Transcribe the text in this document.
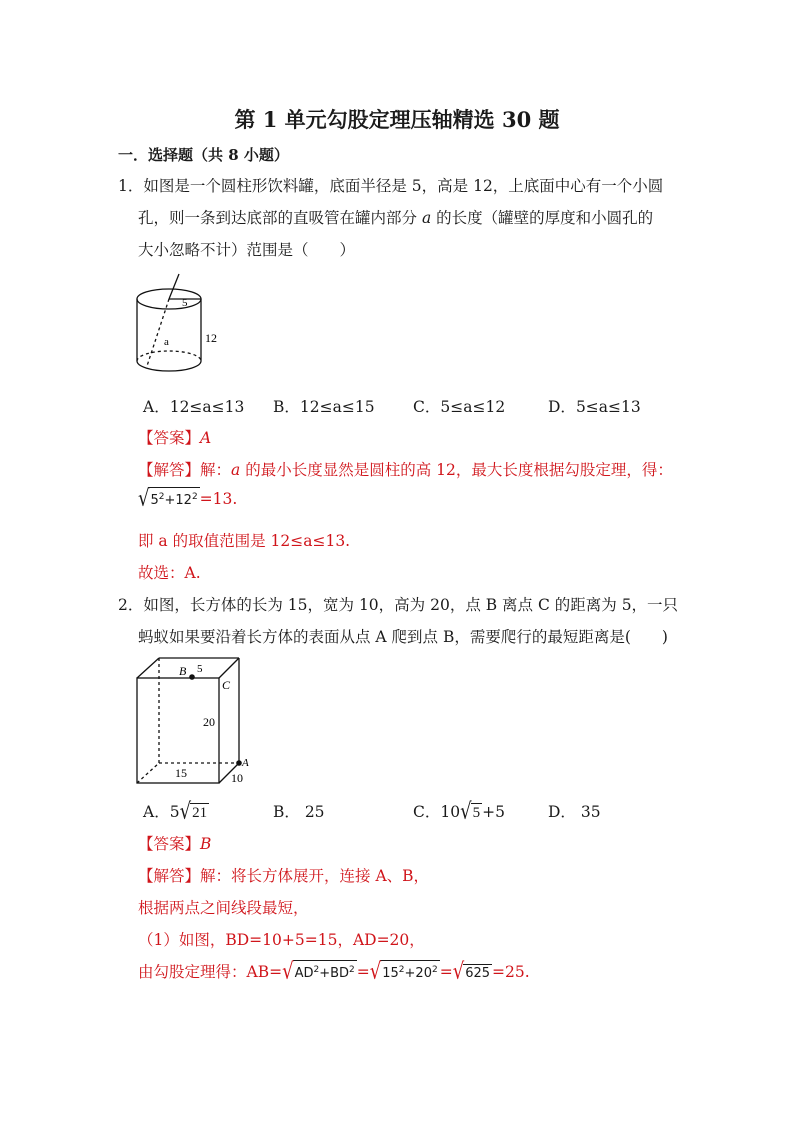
第 1 单元勾股定理压轴精选 30 题
一．选择题（共 8 小题）
1．如图是一个圆柱形饮料罐，底面半径是 5，高是 12，上底面中心有一个小圆
孔，则一条到达底部的直吸管在罐内部分 a 的长度（罐壁的厚度和小圆孔的
大小忽略不计）范围是（　　）
5
a	12
A．12≤a≤13 B．12≤a≤15 C．5≤a≤12	D．5≤a≤13
【答案】A
【解答】解：a 的最小长度显然是圆柱的高 12，最大长度根据勾股定理，得：
$√5^2+12^2 =13$.
即 a 的取值范围是 12≤a≤13.
故选：A.
2．如图，长方体的长为 15，宽为 10，高为 20，点 B 离点 C 的距离为 5，一只
蚂蚁如果要沿着长方体的表面从点 A 爬到点 B，需要爬行的最短距离是(　　)
B 5
C
20
A
15	10
A．5√21	B． 25	C．10√5 +5	D． 35
【答案】B
【解答】解：将长方体展开，连接 A、B，
根据两点之间线段最短，
（1）如图，BD=10+5=15，AD=20，
由勾股定理得：$AB=√AD^2+BD^2 =√15^2+20^2 =√625 =25$.
